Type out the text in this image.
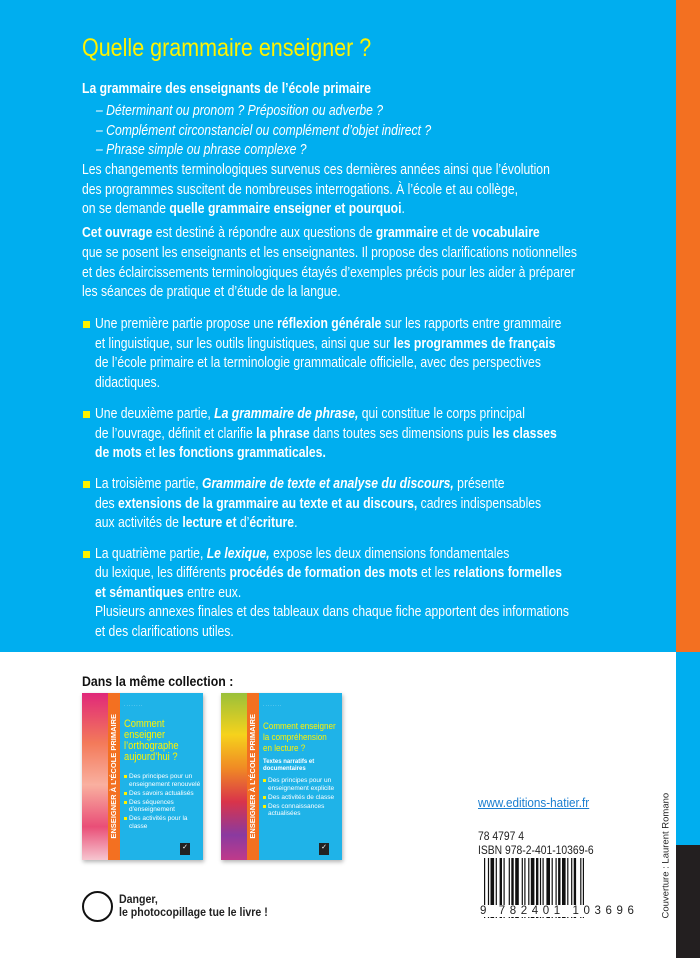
Quelle grammaire enseigner ?
La grammaire des enseignants de l’école primaire
– Déterminant ou pronom ? Préposition ou adverbe ?
– Complément circonstanciel ou complément d’objet indirect ?
– Phrase simple ou phrase complexe ?
Les changements terminologiques survenus ces dernières années ainsi que l’évolution
des programmes suscitent de nombreuses interrogations. À l’école et au collège,
on se demande quelle grammaire enseigner et pourquoi.
Cet ouvrage est destiné à répondre aux questions de grammaire et de vocabulaire
que se posent les enseignants et les enseignantes. Il propose des clarifications notionnelles
et des éclaircissements terminologiques étayés d’exemples précis pour les aider à préparer
les séances de pratique et d’étude de la langue.
Une première partie propose une réflexion générale sur les rapports entre grammaire
et linguistique, sur les outils linguistiques, ainsi que sur les programmes de français
de l’école primaire et la terminologie grammaticale officielle, avec des perspectives
didactiques.
Une deuxième partie, La grammaire de phrase, qui constitue le corps principal
de l’ouvrage, définit et clarifie la phrase dans toutes ses dimensions puis les classes
de mots et les fonctions grammaticales.
La troisième partie, Grammaire de texte et analyse du discours, présente
des extensions de la grammaire au texte et au discours, cadres indispensables
aux activités de lecture et d’écriture.
La quatrième partie, Le lexique, expose les deux dimensions fondamentales
du lexique, les différents procédés de formation des mots et les relations formelles
et sémantiques entre eux.
Plusieurs annexes finales et des tableaux dans chaque fiche apportent des informations
et des clarifications utiles.
Dans la même collection :
ENSEIGNER À L’ÉCOLE PRIMAIRE
· · · · · · · ·
Comment
enseigner
l’orthographe
aujourd’hui ?
Des principes pour un enseignement renouvelé
Des savoirs actualisés
Des séquences d’enseignement
Des activités pour la classe
✓
ENSEIGNER À L’ÉCOLE PRIMAIRE
· · · · · · · ·
Comment enseigner
la compréhension
en lecture ?
Textes narratifs et documentaires
Des principes pour un enseignement explicite
Des activités de classe
Des connaissances actualisées
✓
www.editions-hatier.fr
78 4797 4
ISBN 978-2-401-10369-6
9 782401 103696 Couverture : Laurent Romano
Danger,
le photocopillage tue le livre !
